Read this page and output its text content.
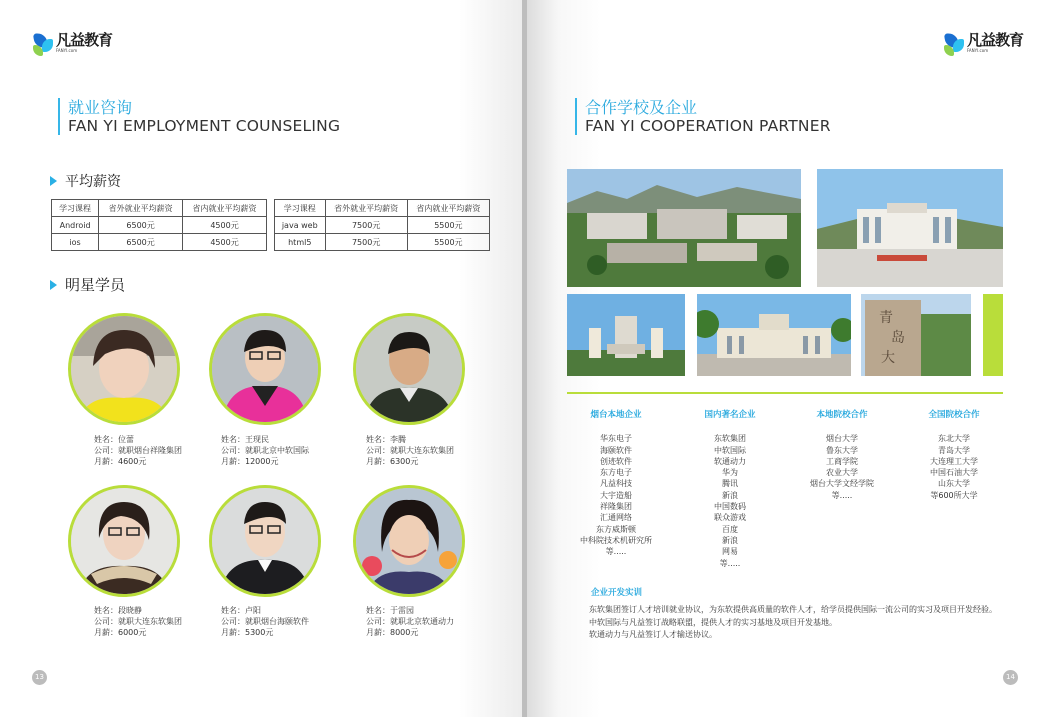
凡益教育
FANYI.com
就业咨询
FAN YI EMPLOYMENT COUNSELING
平均薪资
学习课程	省外就业平均薪资	省内就业平均薪资
Android	6500元	4500元
ios	6500元	4500元
学习课程	省外就业平均薪资	省内就业平均薪资
java web	7500元	5500元
html5	7500元	5500元
明星学员
姓名：位蕾
公司：就职烟台祥隆集团
月薪：4600元
姓名：王现民
公司：就职北京中软国际
月薪：12000元
姓名：李腾
公司：就职大连东软集团
月薪：6300元
姓名：段晓静
公司：就职大连东软集团
月薪：6000元
姓名：卢阳
公司：就职烟台海颐软件
月薪：5300元
姓名：于雷园
公司：就职北京软通动力
月薪：8000元
13
凡益教育
FANYI.com
合作学校及企业
FAN YI COOPERATION PARTNER
青
岛
大
烟台本地企业
华东电子
海颐软件
创迹软件
东方电子
凡益科技
大宇造船
祥隆集团
汇通网络
东方威斯顿
中科院技术机研究所
等.....
国内著名企业
东软集团
中软国际
软通动力
华为
腾讯
新浪
中国数码
联众游戏
百度
新浪
网易
等.....
本地院校合作
烟台大学
鲁东大学
工商学院
农业大学
烟台大学文经学院
等.....
全国院校合作
东北大学
青岛大学
大连理工大学
中国石油大学
山东大学
等600所大学
企业开发实训
东软集团签订人才培训就业协议，为东软提供高质量的软件人才，给学员提供国际一流公司的实习及项目开发经验。
中软国际与凡益签订战略联盟，提供人才的实习基地及项目开发基地。
软通动力与凡益签订人才输送协议。
14
